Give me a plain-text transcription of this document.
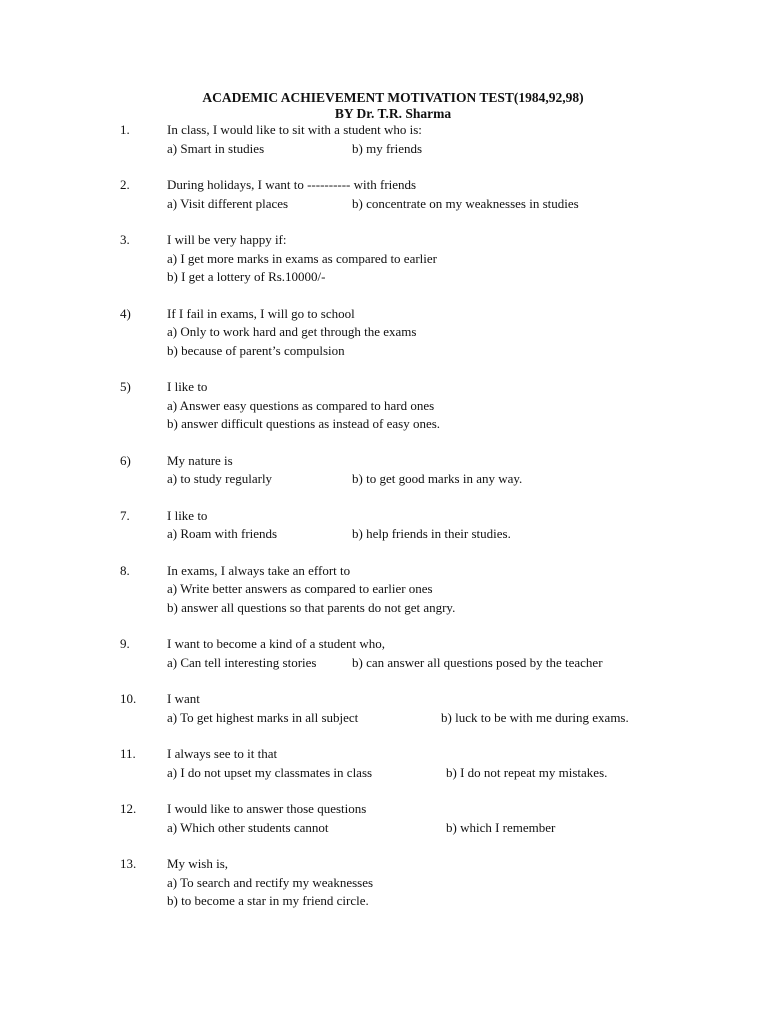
ACADEMIC ACHIEVEMENT MOTIVATION TEST(1984,92,98)
BY Dr. T.R. Sharma
1.	In class, I would like to sit with a student who is:
a) Smart in studies	b) my friends
2.	During holidays, I want to ---------- with friends
a) Visit different places	b) concentrate on my weaknesses in studies
3.	I will be very happy if:
a) I get more marks in exams as compared to earlier
b) I get a lottery of Rs.10000/-
4)	If I fail in exams, I will go to school
a) Only to work hard and get through the exams
b) because of parent’s compulsion
5)	I like to
a) Answer easy questions as compared to hard ones
b) answer difficult questions as instead of easy ones.
6)	My nature is
a) to study regularly	b) to get good marks in any way.
7.	I like to
a) Roam with friends	b) help friends in their studies.
8.	In exams, I always take an effort to
a) Write better answers as compared to earlier ones
b) answer all questions so that parents do not get angry.
9.	I want to become a kind of a student who,
a) Can tell interesting stories	b) can answer all questions posed by the teacher
10. I want
a) To get highest marks in all subject	b) luck to be with me during exams.
11. I always see to it that
a) I do not upset my classmates in class	b) I do not repeat my mistakes.
12. I would like to answer those questions
a) Which other students cannot	b) which I remember
13. My wish is,
a) To search and rectify my weaknesses
b) to become a star in my friend circle.
